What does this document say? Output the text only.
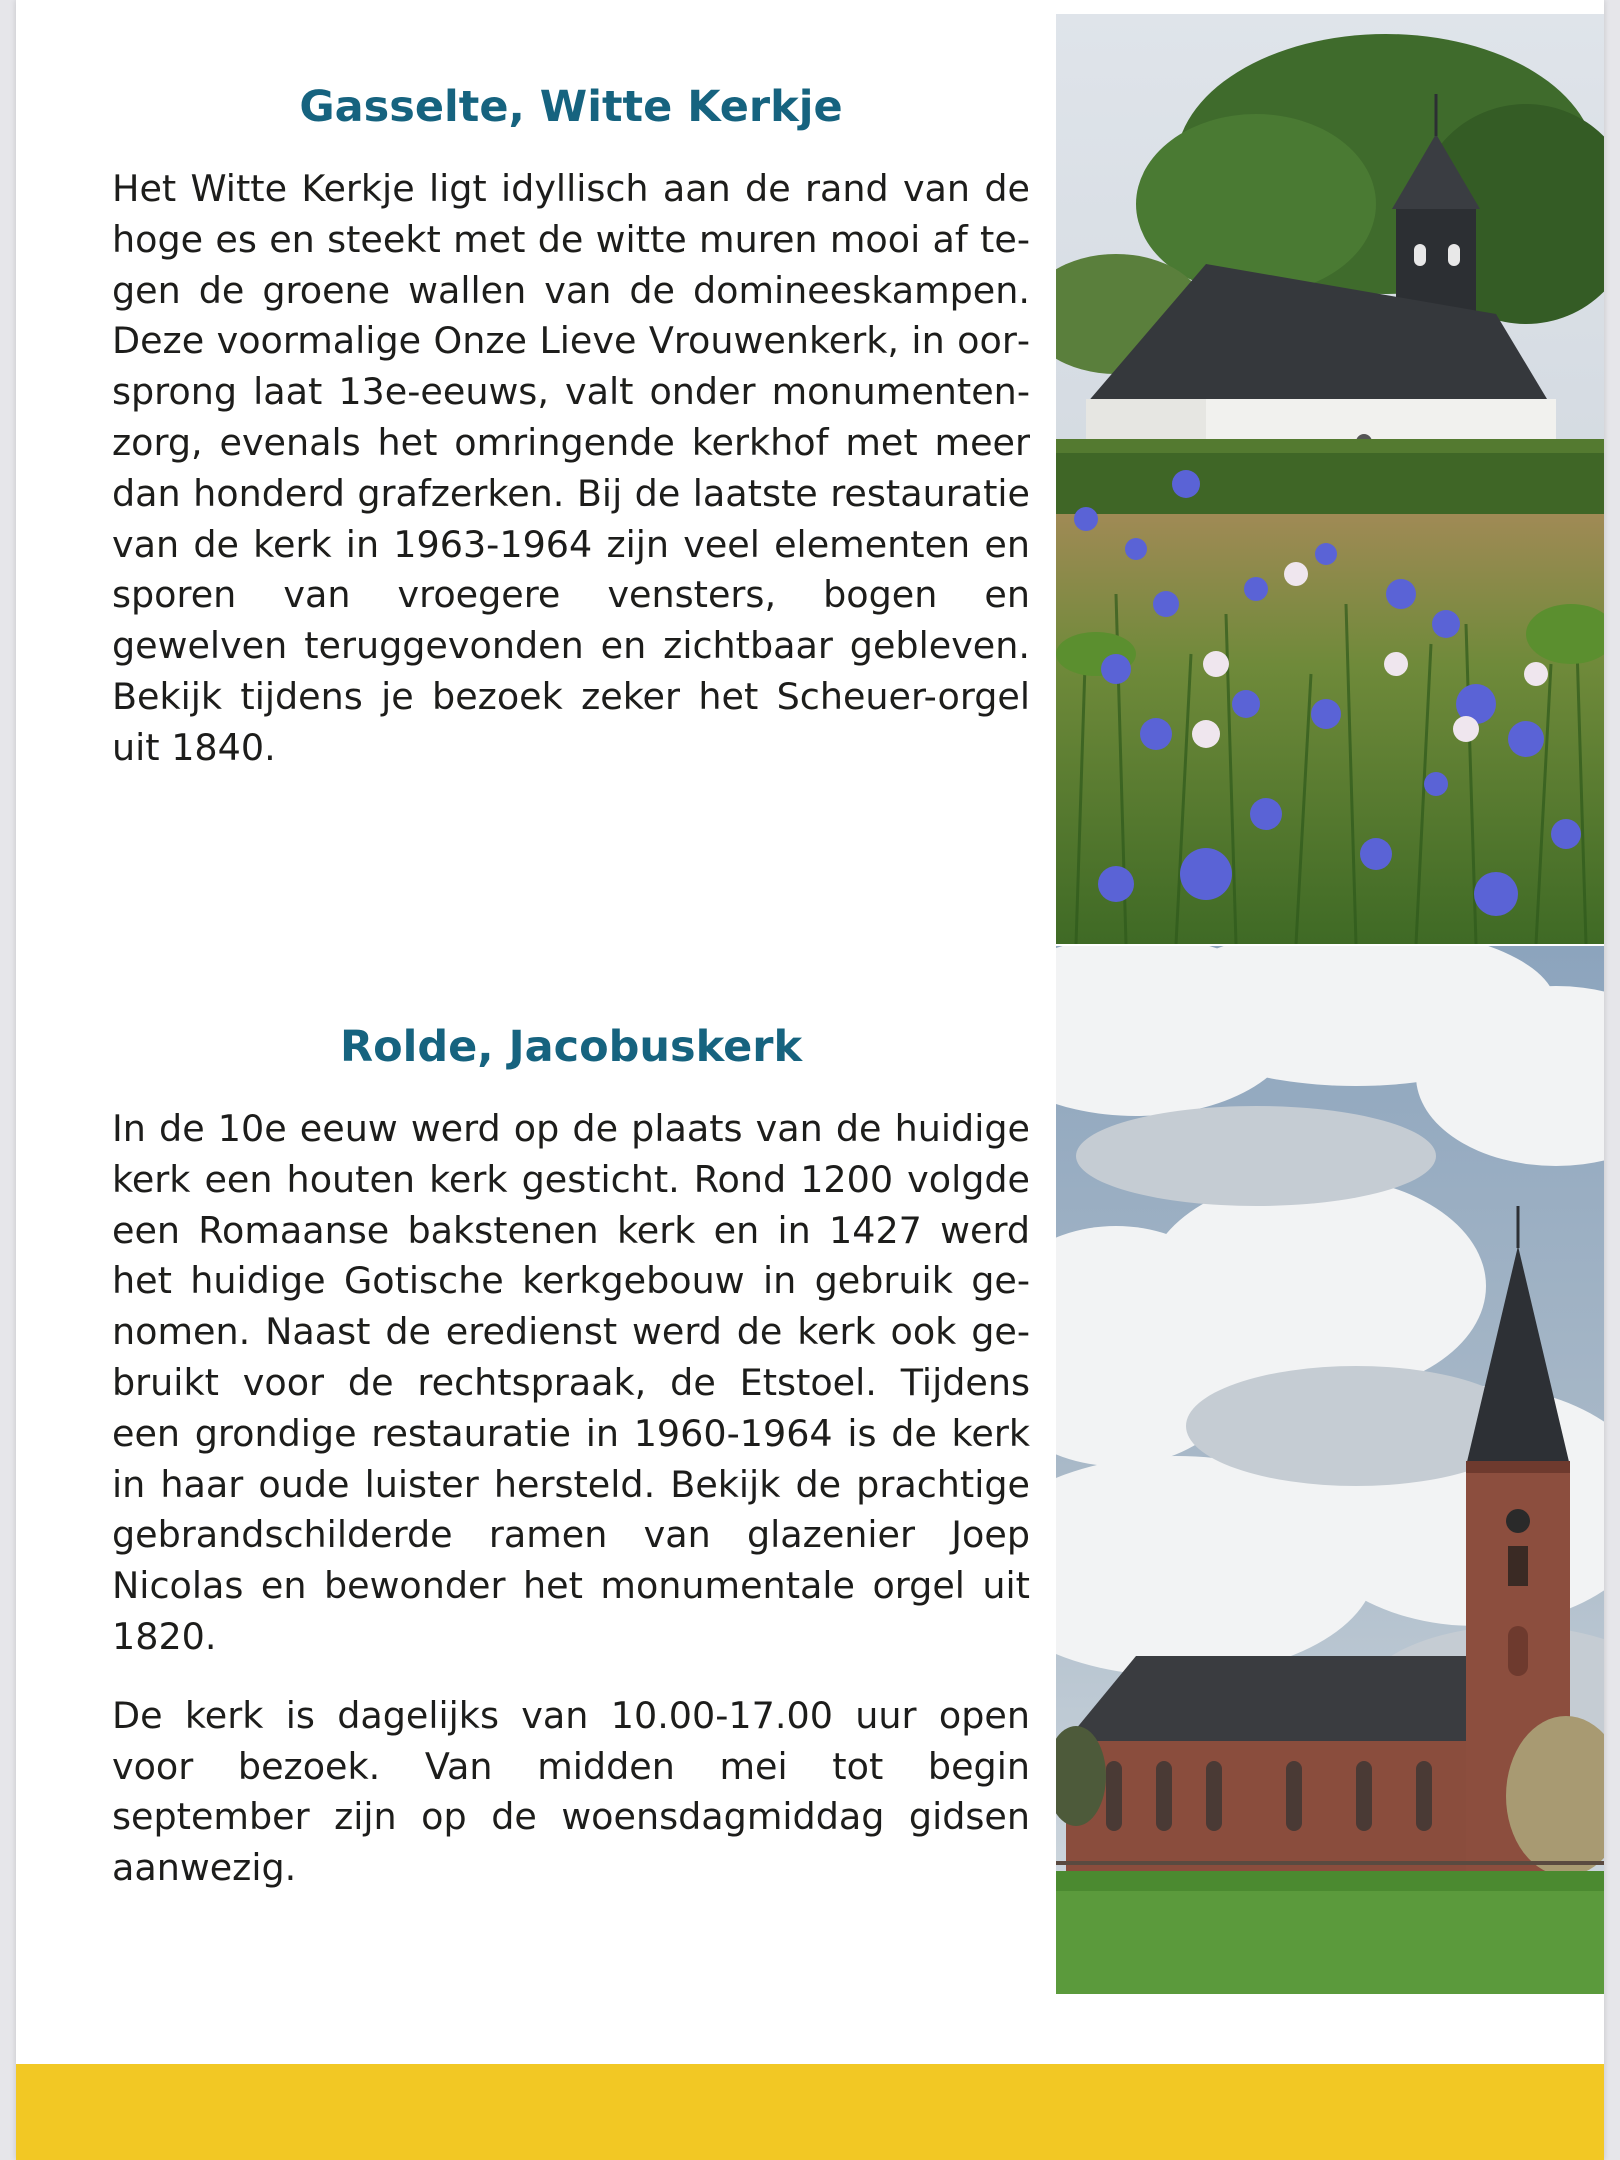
Gasselte, Witte Kerkje

Het Witte Kerkje ligt idyllisch aan de rand van de hoge es en steekt met de witte muren mooi af tegen de groene wallen van de domineeskampen. Deze voormalige Onze Lieve Vrouwenkerk, in oorsprong laat 13e-eeuws, valt onder monumentenzorg, evenals het omringende kerkhof met meer dan honderd grafzerken. Bij de laatste restauratie van de kerk in 1963-1964 zijn veel elementen en sporen van vroegere vensters, bogen en gewelven teruggevonden en zichtbaar gebleven. Bekijk tijdens je bezoek zeker het Scheuer-orgel uit 1840.

Rolde, Jacobuskerk

In de 10e eeuw werd op de plaats van de huidige kerk een houten kerk gesticht. Rond 1200 volgde een Romaanse bakstenen kerk en in 1427 werd het huidige Gotische kerkgebouw in gebruik genomen. Naast de eredienst werd de kerk ook gebruikt voor de rechtspraak, de Etstoel. Tijdens een grondige restauratie in 1960-1964 is de kerk in haar oude luister hersteld. Bekijk de prachtige gebrandschilderde ramen van glazenier Joep Nicolas en bewonder het monumentale orgel uit 1820.

De kerk is dagelijks van 10.00-17.00 uur open voor bezoek. Van midden mei tot begin september zijn op de woensdagmiddag gidsen aanwezig.
